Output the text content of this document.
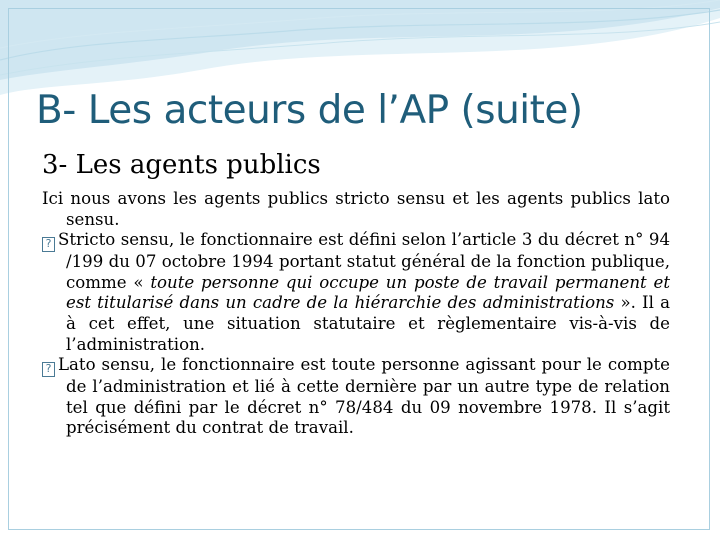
B- Les acteurs de l’AP (suite)
3- Les agents publics

Ici nous avons les agents publics stricto sensu et les agents publics lato sensu.

? Stricto sensu, le fonctionnaire est défini selon l’article 3 du décret n° 94 /199 du 07 octobre 1994 portant statut général de la fonction publique, comme « toute personne qui occupe un poste de travail permanent et est titularisé dans un cadre de la hiérarchie des administrations ». Il a à cet effet, une situation statutaire et règlementaire vis-à-vis de l’administration.

? Lato sensu, le fonctionnaire est toute personne agissant pour le compte de l’administration et lié à cette dernière par un autre type de relation tel que défini par le décret n° 78/484 du 09 novembre 1978. Il s’agit précisément du contrat de travail.
